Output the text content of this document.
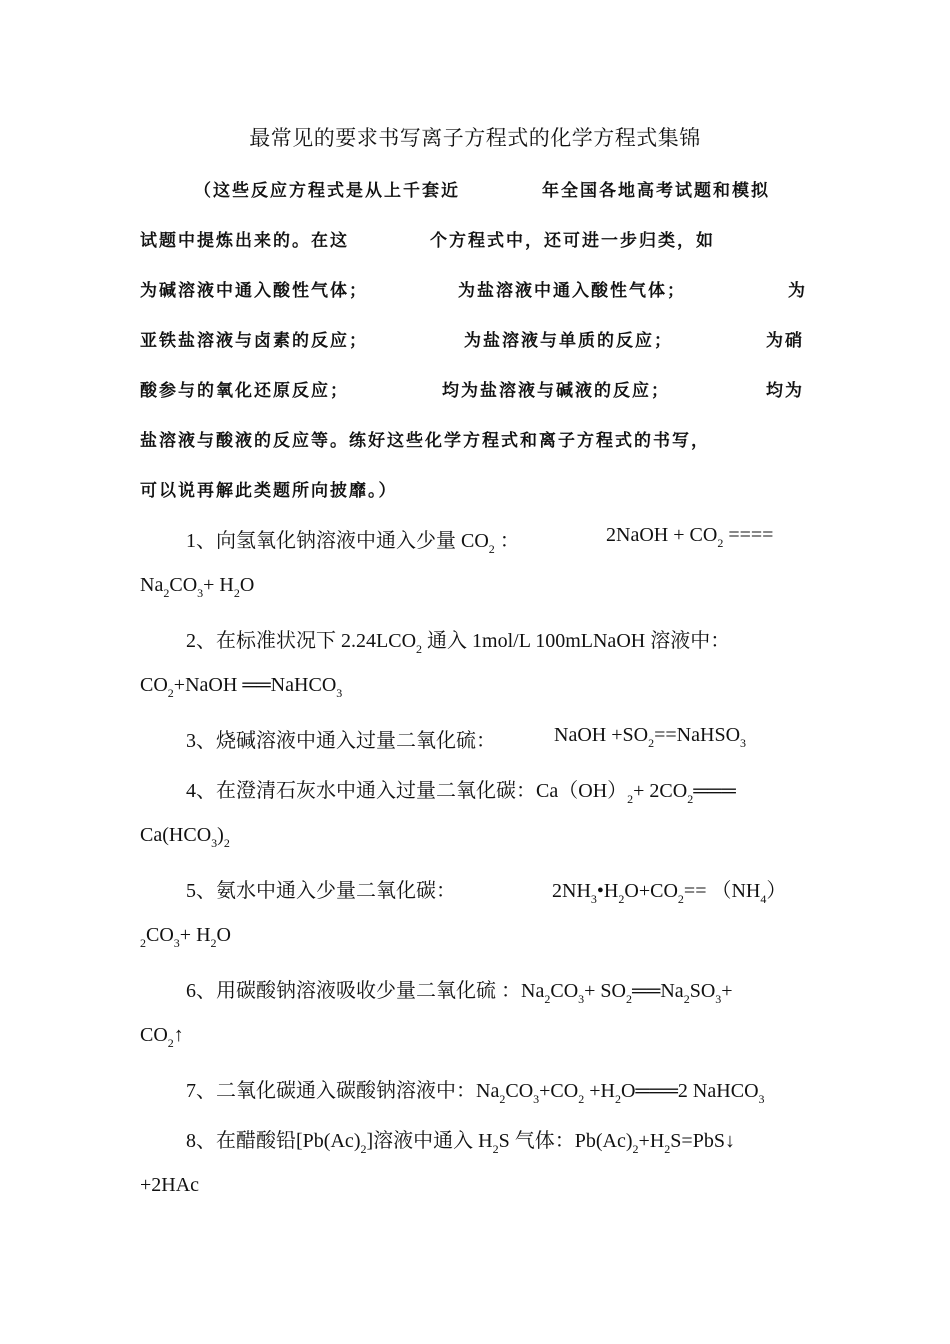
最常见的要求书写离子方程式的化学方程式集锦
（这些反应方程式是从上千套近	年全国各地高考试题和模拟
试题中提炼出来的。在这	个方程式中，还可进一步归类，如
为碱溶液中通入酸性气体；	为盐溶液中通入酸性气体；	为
亚铁盐溶液与卤素的反应；	为盐溶液与单质的反应；	为硝
酸参与的氧化还原反应；	均为盐溶液与碱液的反应；	均为
盐溶液与酸液的反应等。练好这些化学方程式和离子方程式的书写，
可以说再解此类题所向披靡。）
1、向氢氧化钠溶液中通入少量 $CO_2$ ：	2NaOH + $CO_2$ ====
$Na_2CO_3+ H_2O$
2、在标准状况下 $2.24LCO_2$ 通入 1mol/L 100mLNaOH 溶液中：
$CO_2+NaOH$ ══NaHCO$_3$
3、烧碱溶液中通入过量二氧化硫：	NaOH $+SO_2==NaHSO_3$
4、在澄清石灰水中通入过量二氧化碳：$Ca(OH)_2+$ $2CO_2═══$
$Ca(HCO_3)_2$
5、氨水中通入少量二氧化碳：	$2NH_3•H_2O+CO_2== (NH_4)$
$_2CO_3+ H_2O$
6、用碳酸钠溶液吸收少量二氧化硫 ：$Na_2CO_3+$ $SO_2══Na_2SO_3+$
$CO_2↑$
7、二氧化碳通入碳酸钠溶液中：$Na_2CO_3+CO_2$ $+H_2O═══2$ NaHCO$_3$
8、在醋酸铅$[Pb(Ac)_2]$溶液中通入 $H_2S$ 气体：$Pb(Ac)_2+H_2S=PbS↓$
+2HAc
